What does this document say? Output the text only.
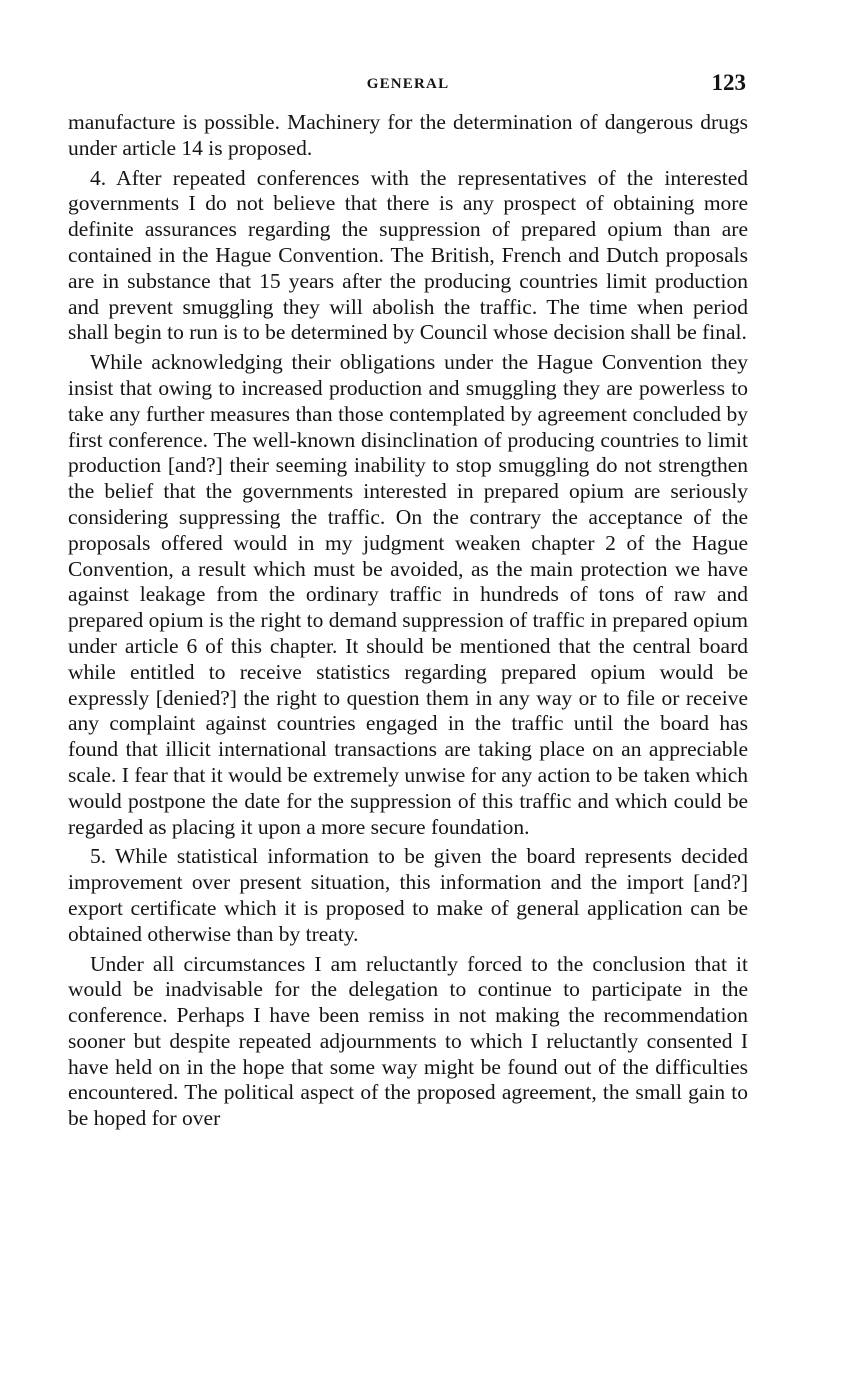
GENERAL	123

manufacture is possible. Machinery for the determination of dangerous drugs under article 14 is proposed.

4. After repeated conferences with the representatives of the interested governments I do not believe that there is any prospect of obtaining more definite assurances regarding the suppression of prepared opium than are contained in the Hague Convention. The British, French and Dutch proposals are in substance that 15 years after the producing countries limit production and prevent smuggling they will abolish the traffic. The time when period shall begin to run is to be determined by Council whose decision shall be final.

While acknowledging their obligations under the Hague Convention they insist that owing to increased production and smuggling they are powerless to take any further measures than those contemplated by agreement concluded by first conference. The well-known disinclination of producing countries to limit production [and?] their seeming inability to stop smuggling do not strengthen the belief that the governments interested in prepared opium are seriously considering suppressing the traffic. On the contrary the acceptance of the proposals offered would in my judgment weaken chapter 2 of the Hague Convention, a result which must be avoided, as the main protection we have against leakage from the ordinary traffic in hundreds of tons of raw and prepared opium is the right to demand suppression of traffic in prepared opium under article 6 of this chapter. It should be mentioned that the central board while entitled to receive statistics regarding prepared opium would be expressly [denied?] the right to question them in any way or to file or receive any complaint against countries engaged in the traffic until the board has found that illicit international transactions are taking place on an appreciable scale. I fear that it would be extremely unwise for any action to be taken which would postpone the date for the suppression of this traffic and which could be regarded as placing it upon a more secure foundation.

5. While statistical information to be given the board represents decided improvement over present situation, this information and the import [and?] export certificate which it is proposed to make of general application can be obtained otherwise than by treaty.

Under all circumstances I am reluctantly forced to the conclusion that it would be inadvisable for the delegation to continue to participate in the conference. Perhaps I have been remiss in not making the recommendation sooner but despite repeated adjournments to which I reluctantly consented I have held on in the hope that some way might be found out of the difficulties encountered. The political aspect of the proposed agreement, the small gain to be hoped for over
